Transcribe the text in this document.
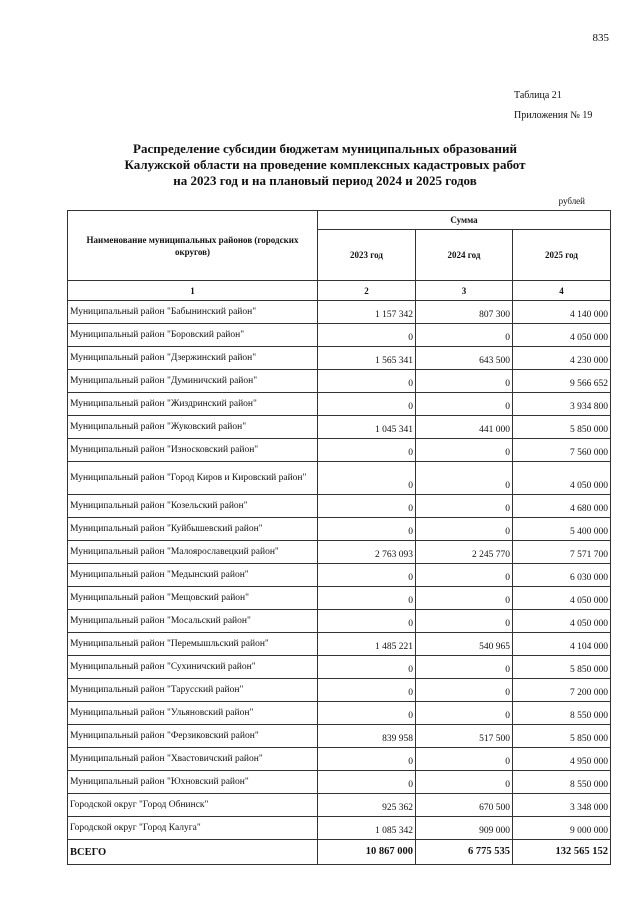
835
Таблица 21
Приложения № 19
Распределение субсидии бюджетам муниципальных образований
Калужской области на проведение комплексных кадастровых работ
на 2023 год и на плановый период 2024 и 2025 годов
рублей
Наименование муниципальных районов (городских округов)	Сумма		
	2023 год	2024 год	2025 год
1	2	3	4
Муниципальный район "Бабынинский район"	1 157 342	807 300	4 140 000
Муниципальный район "Боровский район"	0	0	4 050 000
Муниципальный район "Дзержинский район"	1 565 341	643 500	4 230 000
Муниципальный район "Думиничский район"	0	0	9 566 652
Муниципальный район "Жиздринский район"	0	0	3 934 800
Муниципальный район "Жуковский район"	1 045 341	441 000	5 850 000
Муниципальный район "Износковский район"	0	0	7 560 000
Муниципальный район "Город Киров и Кировский район"	0	0	4 050 000
Муниципальный район "Козельский район"	0	0	4 680 000
Муниципальный район "Куйбышевский район"	0	0	5 400 000
Муниципальный район "Малоярославецкий район"	2 763 093	2 245 770	7 571 700
Муниципальный район "Медынский район"	0	0	6 030 000
Муниципальный район "Мещовский район"	0	0	4 050 000
Муниципальный район "Мосальский район"	0	0	4 050 000
Муниципальный район "Перемышльский район"	1 485 221	540 965	4 104 000
Муниципальный район "Сухиничский район"	0	0	5 850 000
Муниципальный район "Тарусский район"	0	0	7 200 000
Муниципальный район "Ульяновский район"	0	0	8 550 000
Муниципальный район "Ферзиковский район"	839 958	517 500	5 850 000
Муниципальный район "Хвастовичский район"	0	0	4 950 000
Муниципальный район "Юхновский район"	0	0	8 550 000
Городской округ "Город Обнинск"	925 362	670 500	3 348 000
Городской округ "Город Калуга"	1 085 342	909 000	9 000 000
ВСЕГО	10 867 000	6 775 535	132 565 152
